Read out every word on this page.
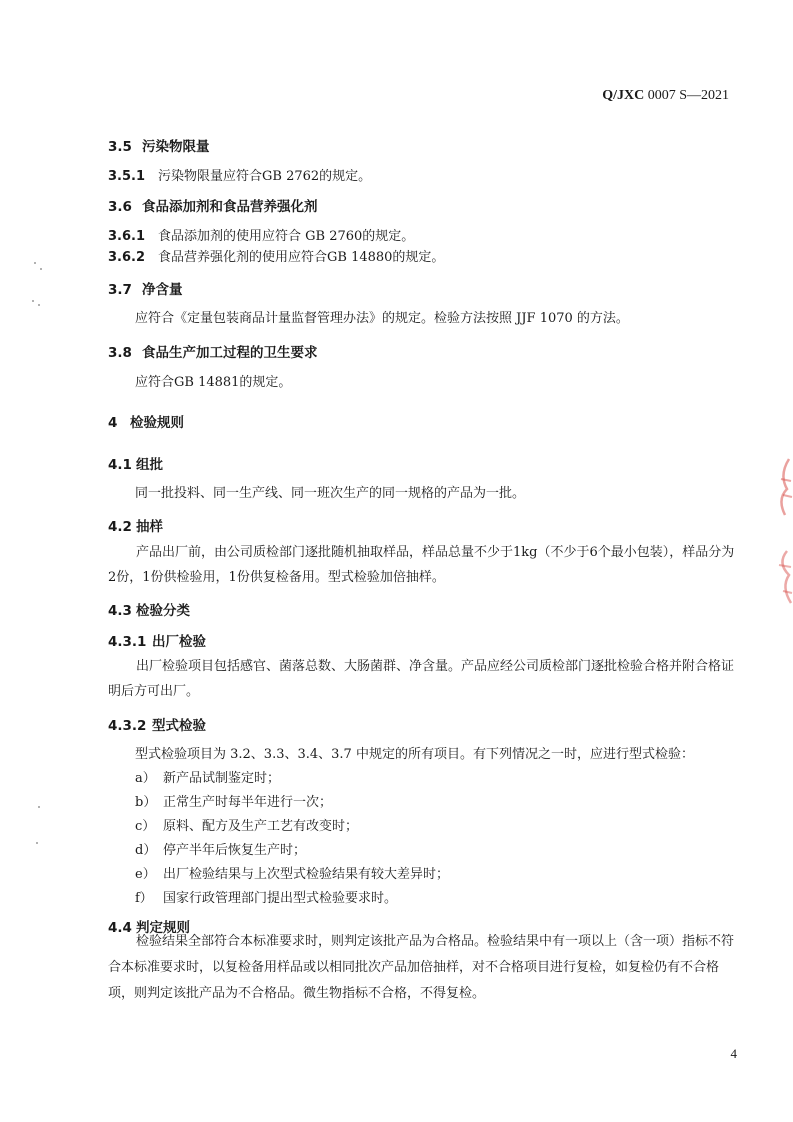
Q/JXC 0007 S—2021
3.5 污染物限量
3.5.1 污染物限量应符合GB 2762的规定。
3.6 食品添加剂和食品营养强化剂
3.6.1 食品添加剂的使用应符合 GB 2760的规定。
3.6.2 食品营养强化剂的使用应符合GB 14880的规定。
3.7 净含量
应符合《定量包装商品计量监督管理办法》的规定。检验方法按照 JJF 1070 的方法。
3.8 食品生产加工过程的卫生要求
应符合GB 14881的规定。
4 检验规则
4.1 组批
同一批投料、同一生产线、同一班次生产的同一规格的产品为一批。
4.2 抽样
产品出厂前，由公司质检部门逐批随机抽取样品，样品总量不少于1kg（不少于6个最小包装），样品分为2份，1份供检验用，1份供复检备用。型式检验加倍抽样。
4.3 检验分类
4.3.1 出厂检验
出厂检验项目包括感官、菌落总数、大肠菌群、净含量。产品应经公司质检部门逐批检验合格并附合格证明后方可出厂。
4.3.2 型式检验
型式检验项目为 3.2、3.3、3.4、3.7 中规定的所有项目。有下列情况之一时，应进行型式检验：
a） 新产品试制鉴定时；
b） 正常生产时每半年进行一次；
c） 原料、配方及生产工艺有改变时；
d） 停产半年后恢复生产时；
e） 出厂检验结果与上次型式检验结果有较大差异时；
f） 国家行政管理部门提出型式检验要求时。
4.4 判定规则
检验结果全部符合本标准要求时，则判定该批产品为合格品。检验结果中有一项以上（含一项）指标不符合本标准要求时，以复检备用样品或以相同批次产品加倍抽样，对不合格项目进行复检，如复检仍有不合格项，则判定该批产品为不合格品。微生物指标不合格，不得复检。
4
